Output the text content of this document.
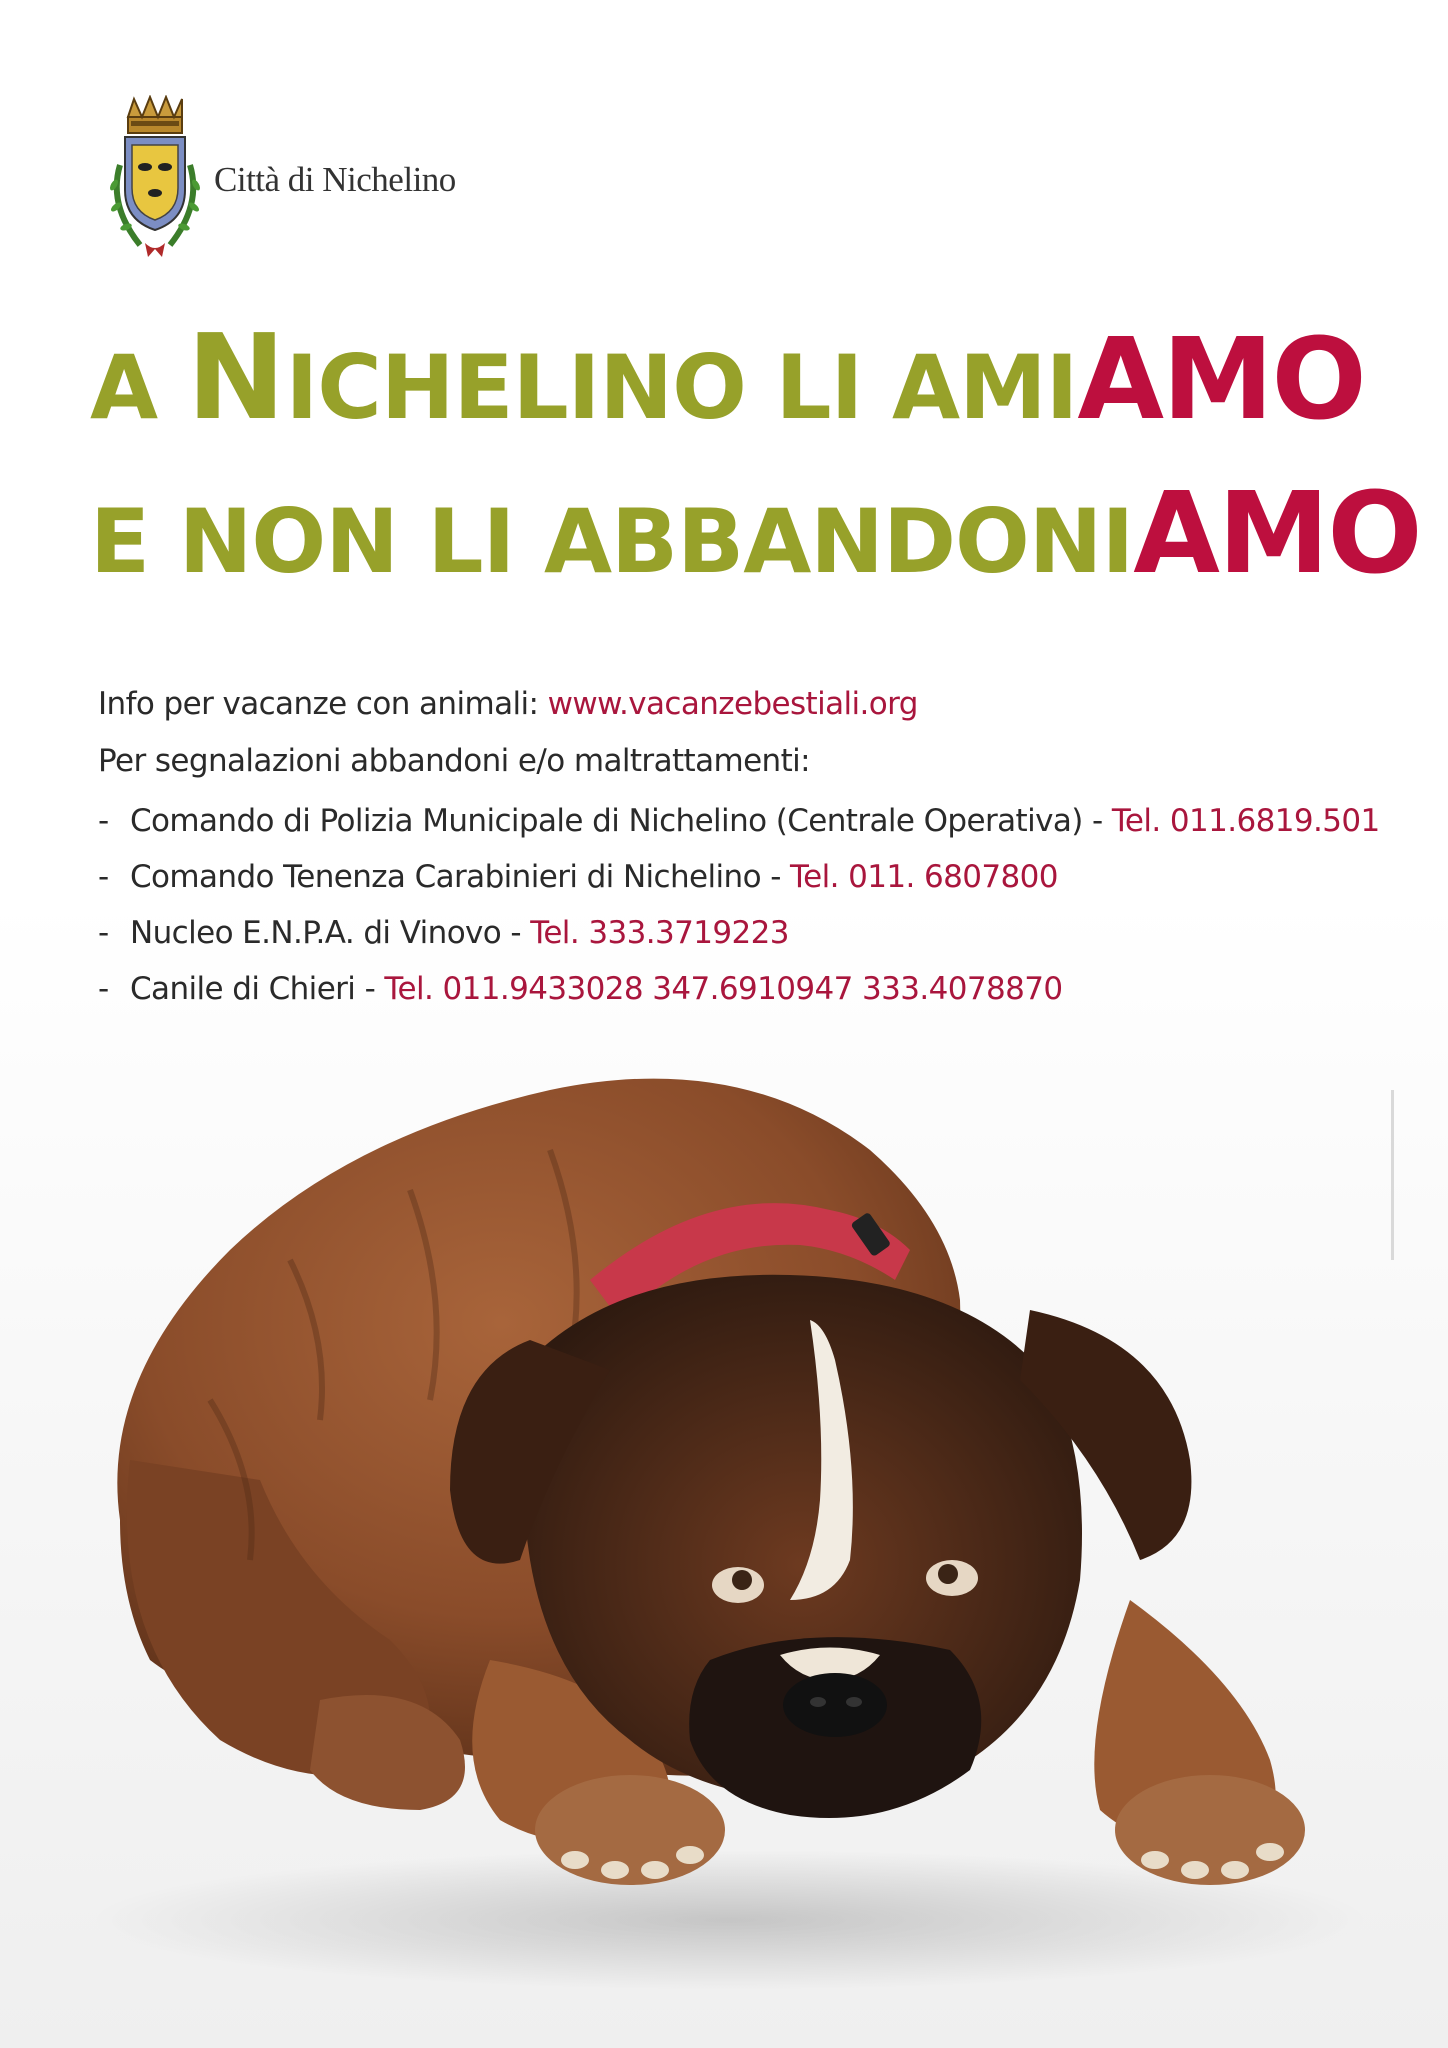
Città di Nichelino
A NICHELINO LI AMIAMO
E NON LI ABBANDONIAMO
Info per vacanze con animali: www.vacanzebestiali.org
Per segnalazioni abbandoni e/o maltrattamenti:
- Comando di Polizia Municipale di Nichelino (Centrale Operativa) - Tel. 011.6819.501
- Comando Tenenza Carabinieri di Nichelino - Tel. 011. 6807800
- Nucleo E.N.P.A. di Vinovo - Tel. 333.3719223
- Canile di Chieri - Tel. 011.9433028 347.6910947 333.4078870
